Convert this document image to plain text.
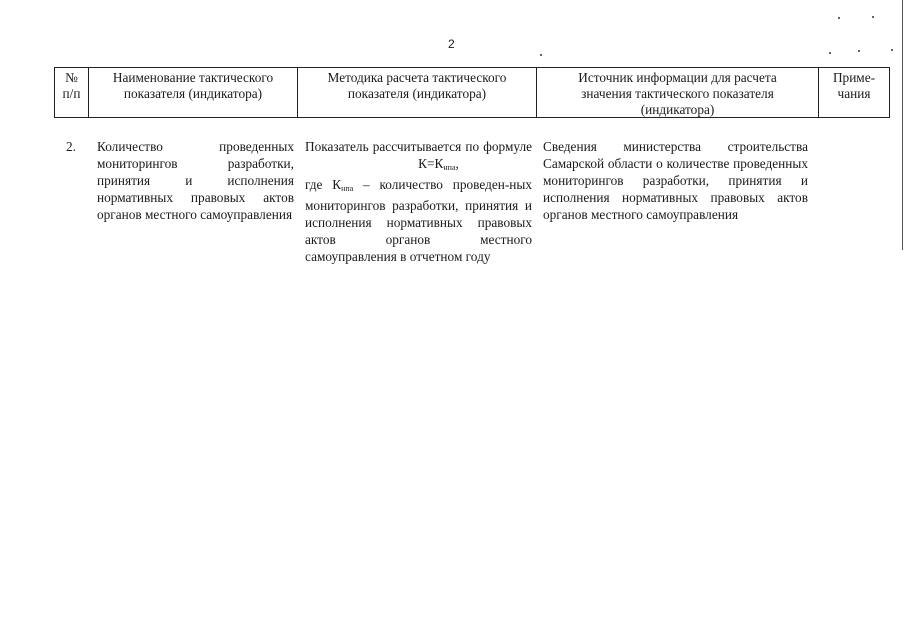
2
№
п/п
Наименование тактического
показателя (индикатора)
Методика расчета тактического
показателя (индикатора)
Источник информации для расчета
значения тактического показателя
(индикатора)
Приме-
чания
2. Количество проведенных мониторингов разработки, принятия и исполнения нормативных правовых актов органов местного самоуправления
Показатель рассчитывается по формуле
$К=К_{нпа}$,
где $К_{нпа}$ – количество проведен-ных мониторингов разработки, принятия и исполнения нормативных правовых актов органов местного самоуправления в отчетном году
Сведения министерства строительства Самарской области о количестве проведенных мониторингов разработки, принятия и исполнения нормативных правовых актов органов местного самоуправления
